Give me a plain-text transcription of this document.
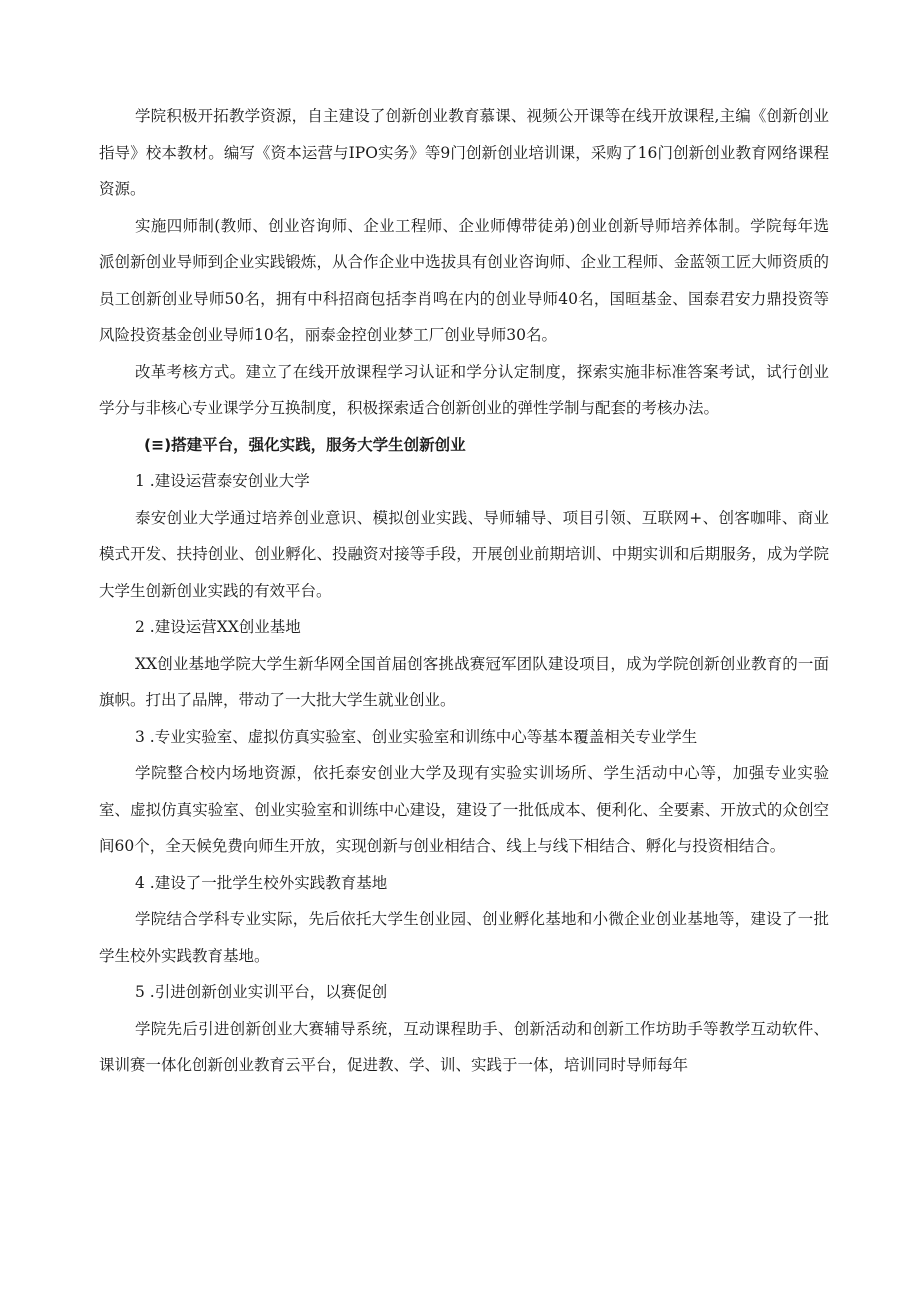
学院积极开拓教学资源，自主建设了创新创业教育慕课、视频公开课等在线开放课程,主编《创新创业指导》校本教材。编写《资本运营与IPO实务》等9门创新创业培训课，采购了16门创新创业教育网络课程资源。

实施四师制(教师、创业咨询师、企业工程师、企业师傅带徒弟)创业创新导师培养体制。学院每年选派创新创业导师到企业实践锻炼，从合作企业中选拔具有创业咨询师、企业工程师、金蓝领工匠大师资质的员工创新创业导师50名，拥有中科招商包括李肖鸣在内的创业导师40名，国晅基金、国泰君安力鼎投资等风险投资基金创业导师10名，丽泰金控创业梦工厂创业导师30名。

改革考核方式。建立了在线开放课程学习认证和学分认定制度，探索实施非标准答案考试，试行创业学分与非核心专业课学分互换制度，积极探索适合创新创业的弹性学制与配套的考核办法。

(≡)搭建平台，强化实践，服务大学生创新创业

1 .建设运营泰安创业大学

泰安创业大学通过培养创业意识、模拟创业实践、导师辅导、项目引领、互联网+、创客咖啡、商业模式开发、扶持创业、创业孵化、投融资对接等手段，开展创业前期培训、中期实训和后期服务，成为学院大学生创新创业实践的有效平台。

2 .建设运营XX创业基地

XX创业基地学院大学生新华网全国首届创客挑战赛冠军团队建设项目，成为学院创新创业教育的一面旗帜。打出了品牌，带动了一大批大学生就业创业。

3 .专业实验室、虚拟仿真实验室、创业实验室和训练中心等基本覆盖相关专业学生

学院整合校内场地资源，依托泰安创业大学及现有实验实训场所、学生活动中心等，加强专业实验室、虚拟仿真实验室、创业实验室和训练中心建设，建设了一批低成本、便利化、全要素、开放式的众创空间60个，全天候免费向师生开放，实现创新与创业相结合、线上与线下相结合、孵化与投资相结合。

4 .建设了一批学生校外实践教育基地

学院结合学科专业实际，先后依托大学生创业园、创业孵化基地和小微企业创业基地等，建设了一批学生校外实践教育基地。

5 .引进创新创业实训平台，以赛促创

学院先后引进创新创业大赛辅导系统，互动课程助手、创新活动和创新工作坊助手等教学互动软件、课训赛一体化创新创业教育云平台，促进教、学、训、实践于一体，培训同时导师每年
